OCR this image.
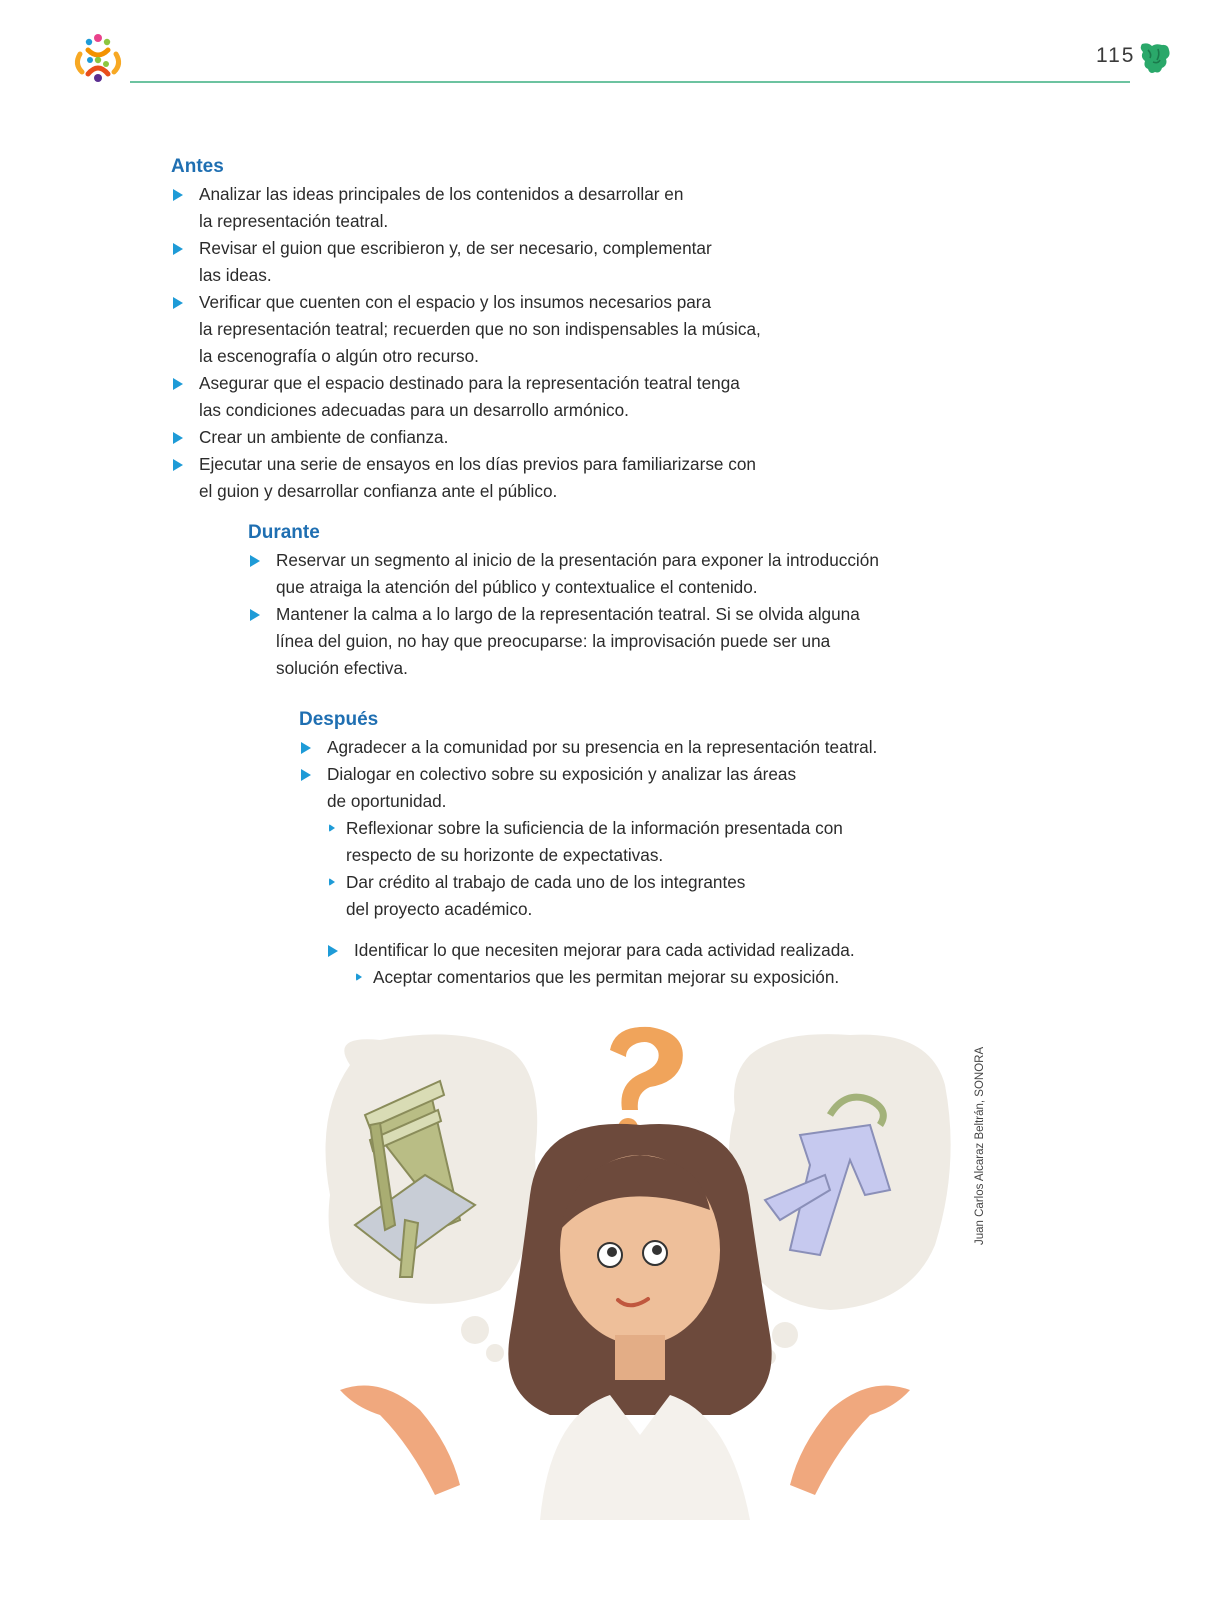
115
Antes
Analizar las ideas principales de los contenidos a desarrollar en
la representación teatral.
Revisar el guion que escribieron y, de ser necesario, complementar
las ideas.
Verificar que cuenten con el espacio y los insumos necesarios para
la representación teatral; recuerden que no son indispensables la música,
la escenografía o algún otro recurso.
Asegurar que el espacio destinado para la representación teatral tenga
las condiciones adecuadas para un desarrollo armónico.
Crear un ambiente de confianza.
Ejecutar una serie de ensayos en los días previos para familiarizarse con
el guion y desarrollar confianza ante el público.
Durante
Reservar un segmento al inicio de la presentación para exponer la introducción
que atraiga la atención del público y contextualice el contenido.
Mantener la calma a lo largo de la representación teatral. Si se olvida alguna
línea del guion, no hay que preocuparse: la improvisación puede ser una
solución efectiva.
Después
Agradecer a la comunidad por su presencia en la representación teatral.
Dialogar en colectivo sobre su exposición y analizar las áreas
de oportunidad.
Reflexionar sobre la suficiencia de la información presentada con
respecto de su horizonte de expectativas.
Dar crédito al trabajo de cada uno de los integrantes
del proyecto académico.
Identificar lo que necesiten mejorar para cada actividad realizada.
Aceptar comentarios que les permitan mejorar su exposición.
Juan Carlos Alcaraz Beltrán, SONORA
